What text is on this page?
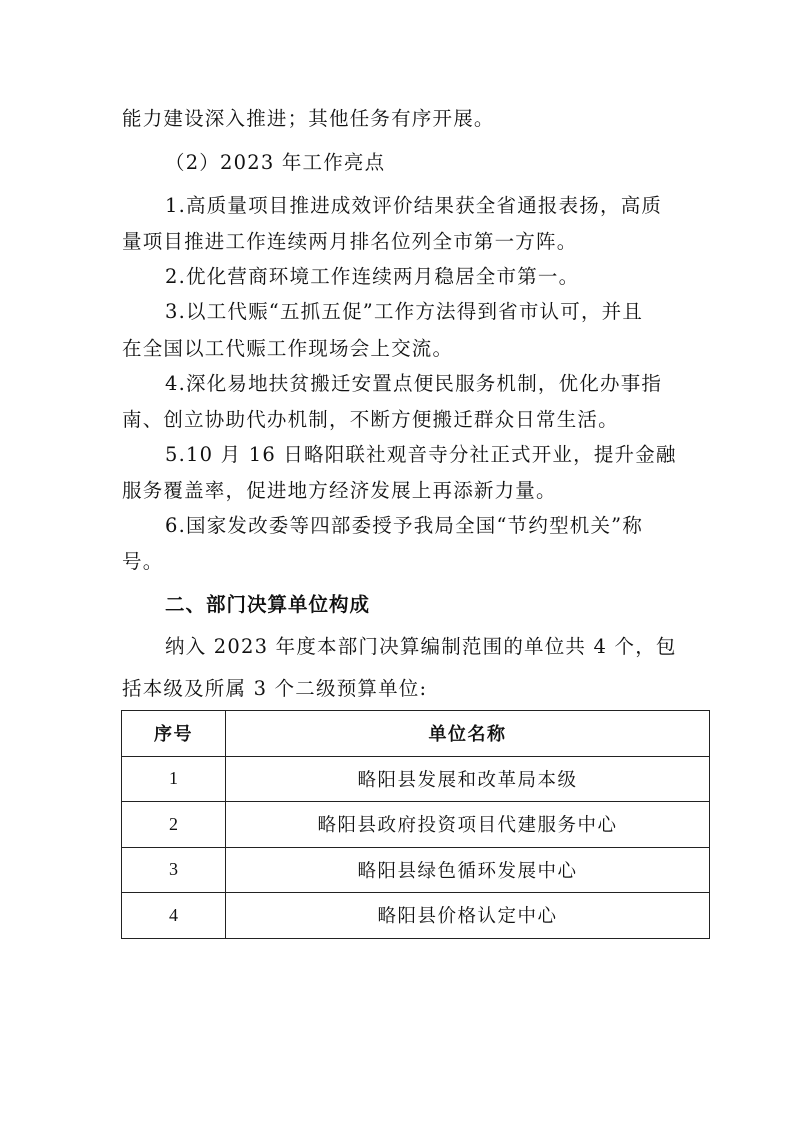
能力建设深入推进；其他任务有序开展。
（2）2023 年工作亮点
1.高质量项目推进成效评价结果获全省通报表扬，高质
量项目推进工作连续两月排名位列全市第一方阵。
2.优化营商环境工作连续两月稳居全市第一。
3.以工代赈“五抓五促”工作方法得到省市认可，并且
在全国以工代赈工作现场会上交流。
4.深化易地扶贫搬迁安置点便民服务机制，优化办事指
南、创立协助代办机制，不断方便搬迁群众日常生活。
5.10 月 16 日略阳联社观音寺分社正式开业，提升金融
服务覆盖率，促进地方经济发展上再添新力量。
6.国家发改委等四部委授予我局全国“节约型机关”称
号。
二、部门决算单位构成
纳入 2023 年度本部门决算编制范围的单位共 4 个，包
括本级及所属 3 个二级预算单位:
序号	单位名称
1	略阳县发展和改革局本级
2	略阳县政府投资项目代建服务中心
3	略阳县绿色循环发展中心
4	略阳县价格认定中心
